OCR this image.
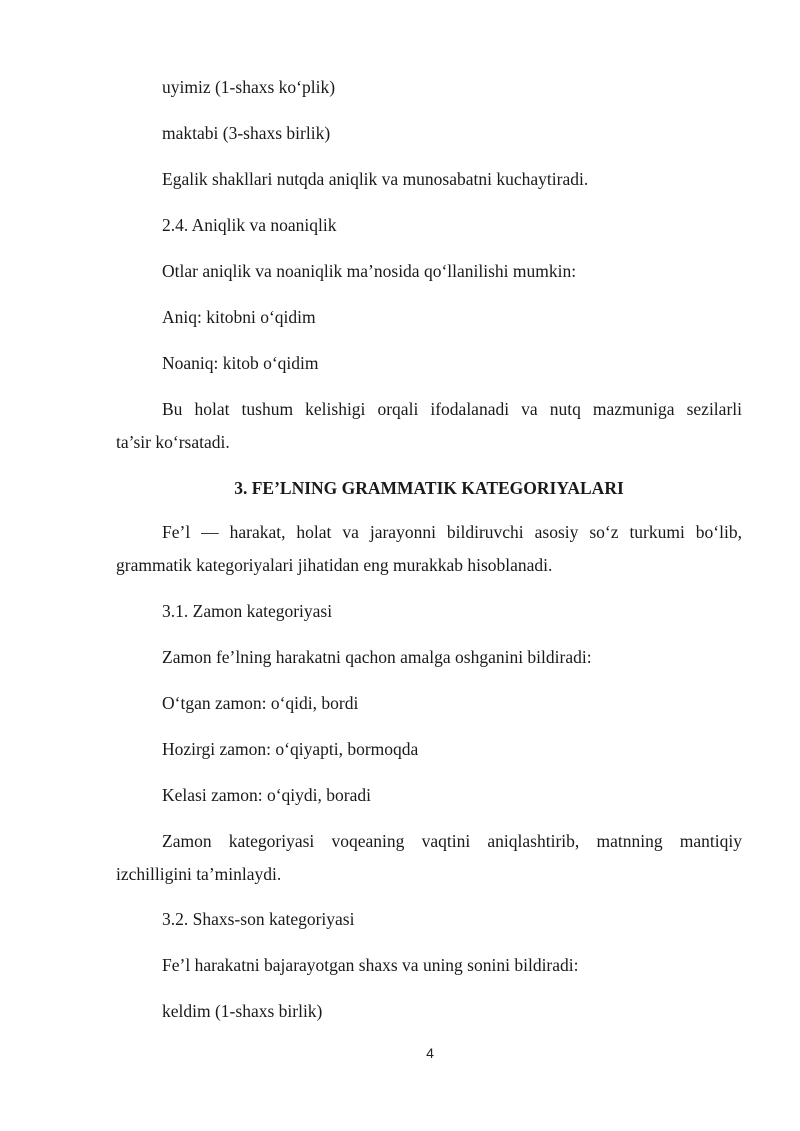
uyimiz (1-shaxs ko‘plik)
maktabi (3-shaxs birlik)
Egalik shakllari nutqda aniqlik va munosabatni kuchaytiradi.
2.4. Aniqlik va noaniqlik
Otlar aniqlik va noaniqlik ma’nosida qo‘llanilishi mumkin:
Aniq: kitobni o‘qidim
Noaniq: kitob o‘qidim
Bu holat tushum kelishigi orqali ifodalanadi va nutq mazmuniga sezilarli
ta’sir ko‘rsatadi.
3. FE’LNING GRAMMATIK KATEGORIYALARI
Fe’l — harakat, holat va jarayonni bildiruvchi asosiy so‘z turkumi bo‘lib,
grammatik kategoriyalari jihatidan eng murakkab hisoblanadi.
3.1. Zamon kategoriyasi
Zamon fe’lning harakatni qachon amalga oshganini bildiradi:
O‘tgan zamon: o‘qidi, bordi
Hozirgi zamon: o‘qiyapti, bormoqda
Kelasi zamon: o‘qiydi, boradi
Zamon kategoriyasi voqeaning vaqtini aniqlashtirib, matnning mantiqiy
izchilligini ta’minlaydi.
3.2. Shaxs-son kategoriyasi
Fe’l harakatni bajarayotgan shaxs va uning sonini bildiradi:
keldim (1-shaxs birlik)
4
